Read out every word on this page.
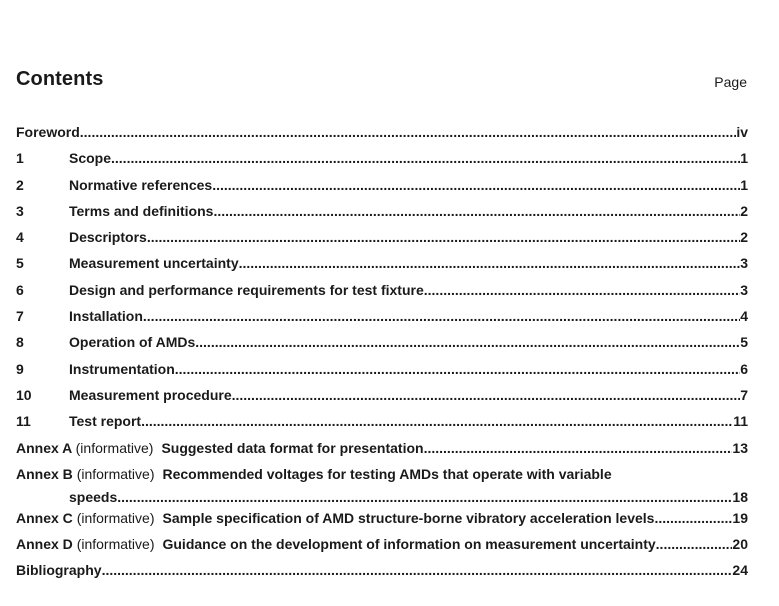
Contents	Page
Foreword .....	iv
1	Scope .....	1
2	Normative references .....	1
3	Terms and definitions .....	2
4	Descriptors .....	2
5	Measurement uncertainty .....	3
6	Design and performance requirements for test fixture .....	3
7	Installation .....	4
8	Operation of AMDs .....	5
9	Instrumentation .....	6
10	Measurement procedure .....	7
11	Test report .....	11
Annex A (informative) Suggested data format for presentation .....	13
Annex B (informative) Recommended voltages for testing AMDs that operate with variable
speeds .....	18
Annex C (informative) Sample specification of AMD structure-borne vibratory acceleration levels .....	19
Annex D (informative) Guidance on the development of information on measurement uncertainty .....	20
Bibliography .....	24
